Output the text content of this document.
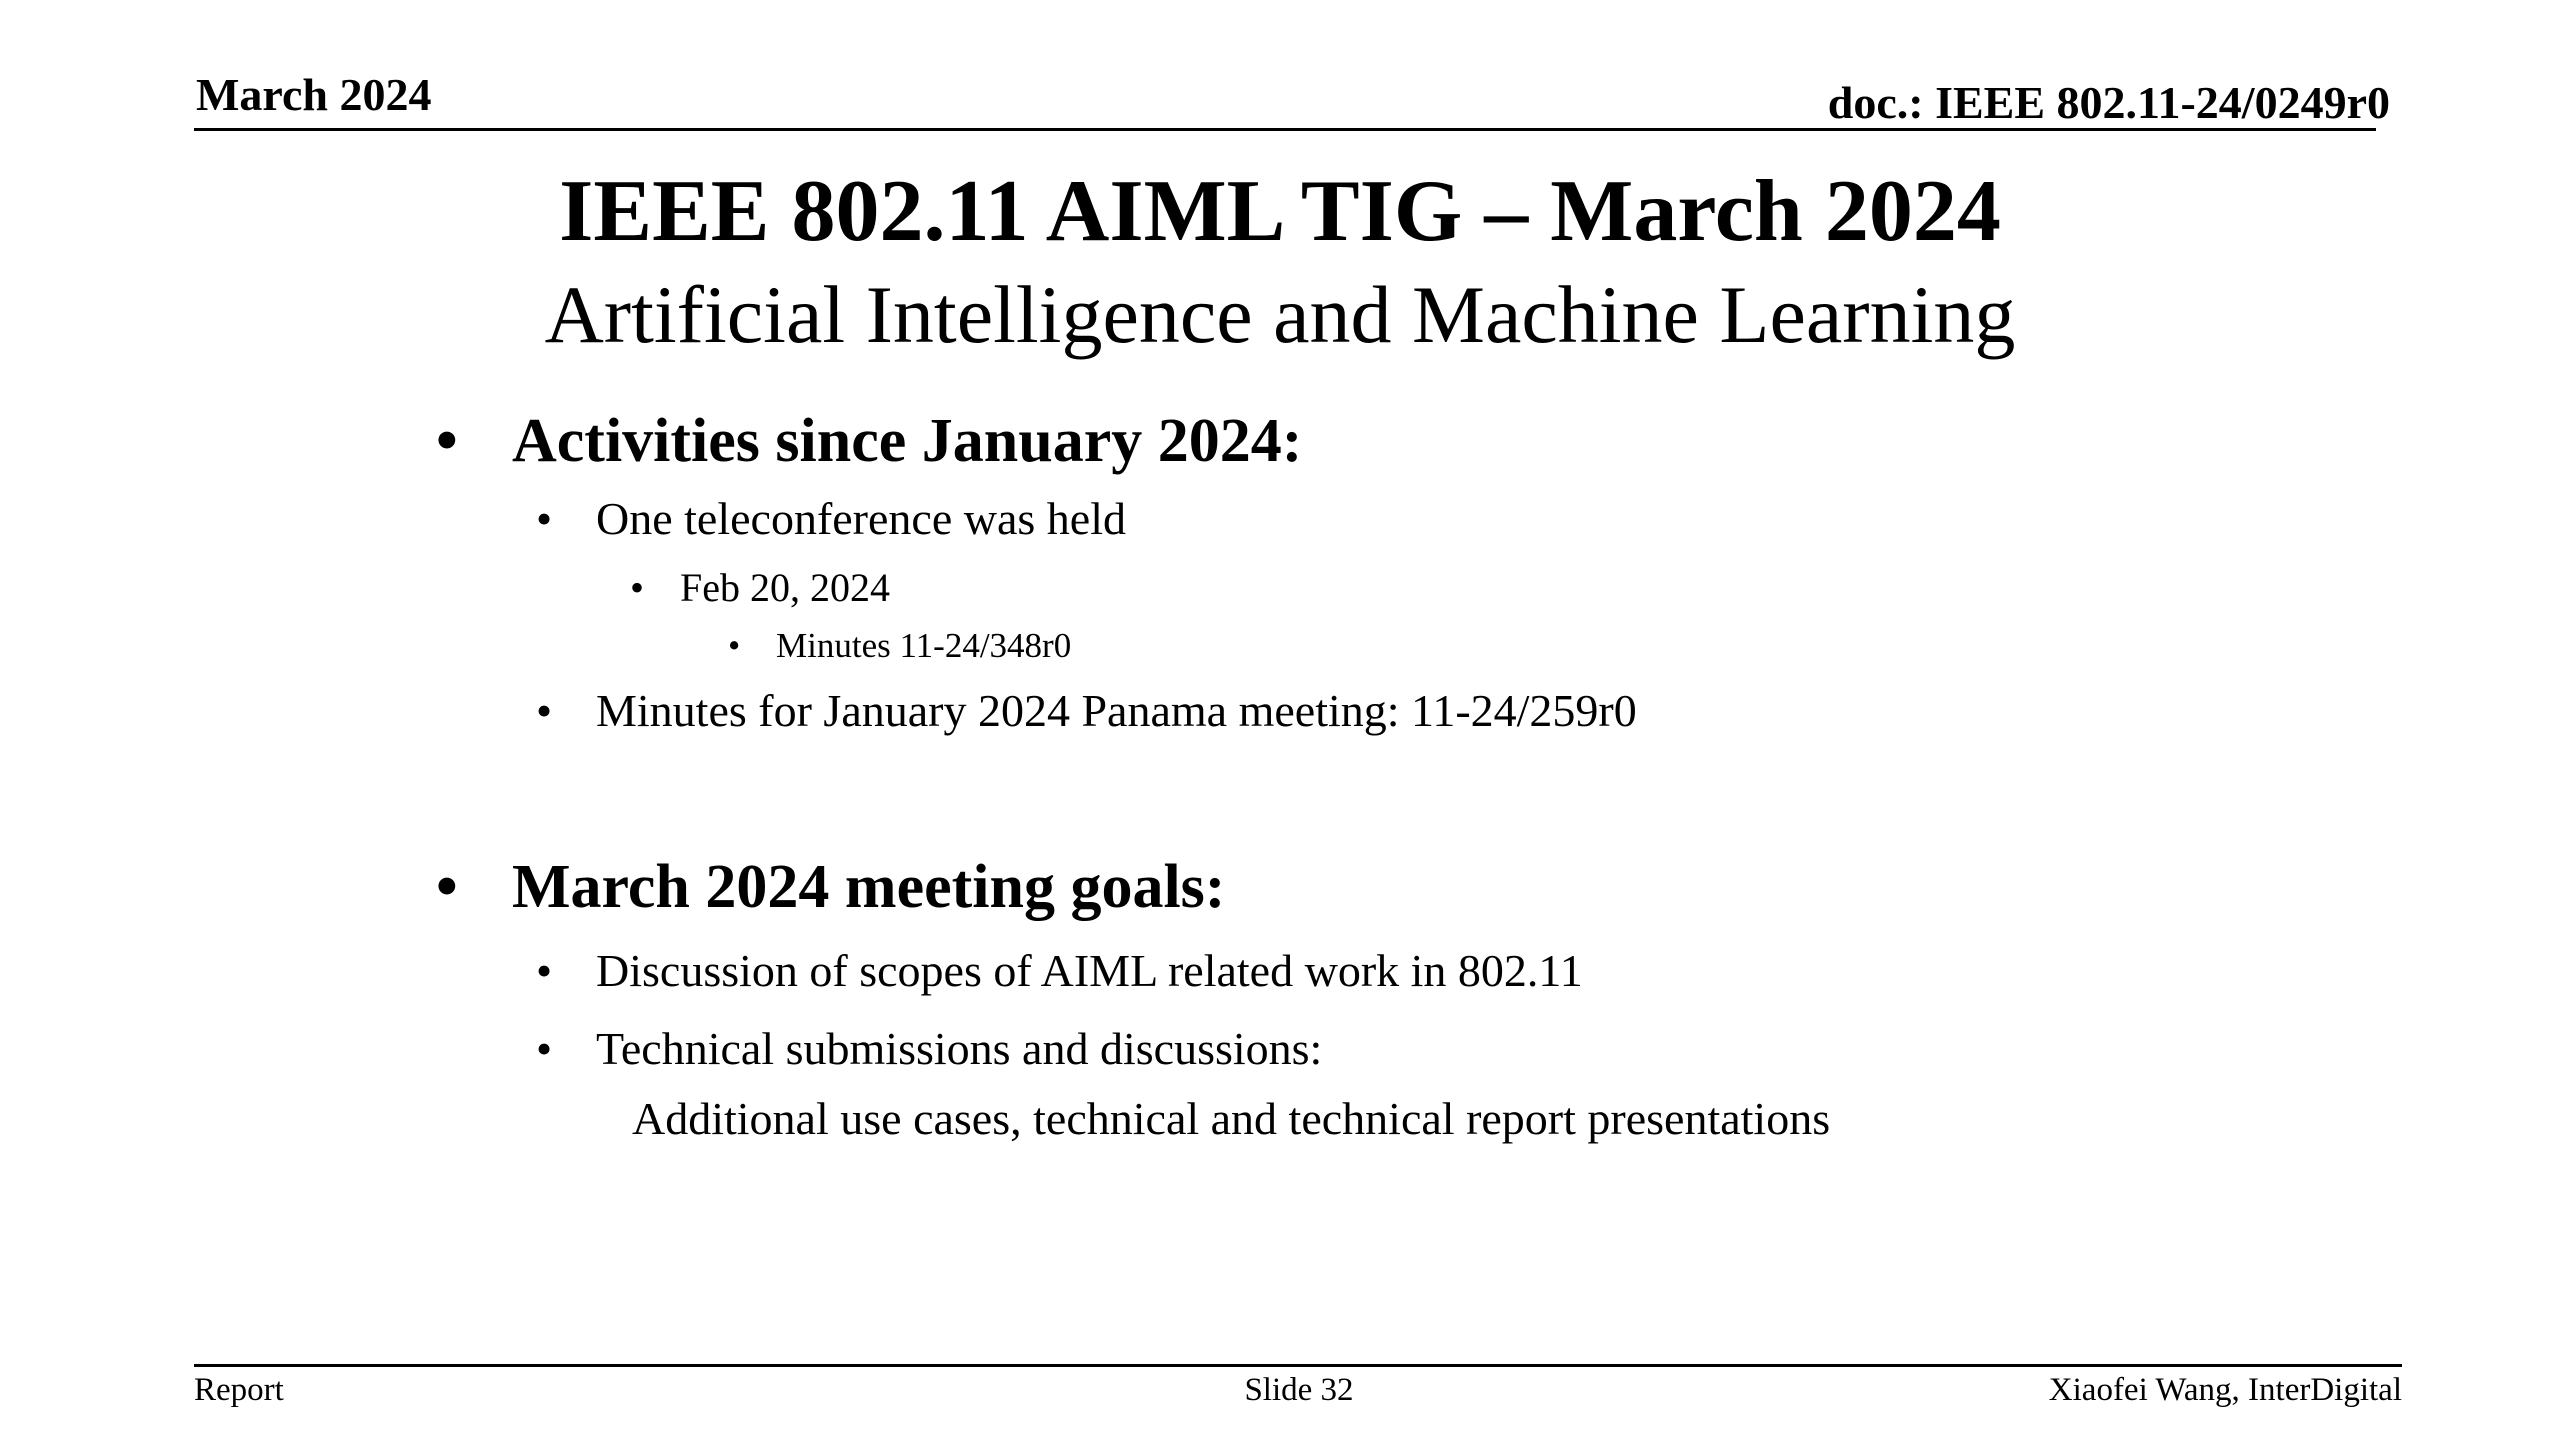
March 2024	doc.: IEEE 802.11-24/0249r0
IEEE 802.11 AIML TIG – March 2024
Artificial Intelligence and Machine Learning
• Activities since January 2024:
• One teleconference was held
• Feb 20, 2024
• Minutes 11-24/348r0
• Minutes for January 2024 Panama meeting: 11-24/259r0
• March 2024 meeting goals:
• Discussion of scopes of AIML related work in 802.11
• Technical submissions and discussions:
Additional use cases, technical and technical report presentations
Report	Slide 32	Xiaofei Wang, InterDigital
